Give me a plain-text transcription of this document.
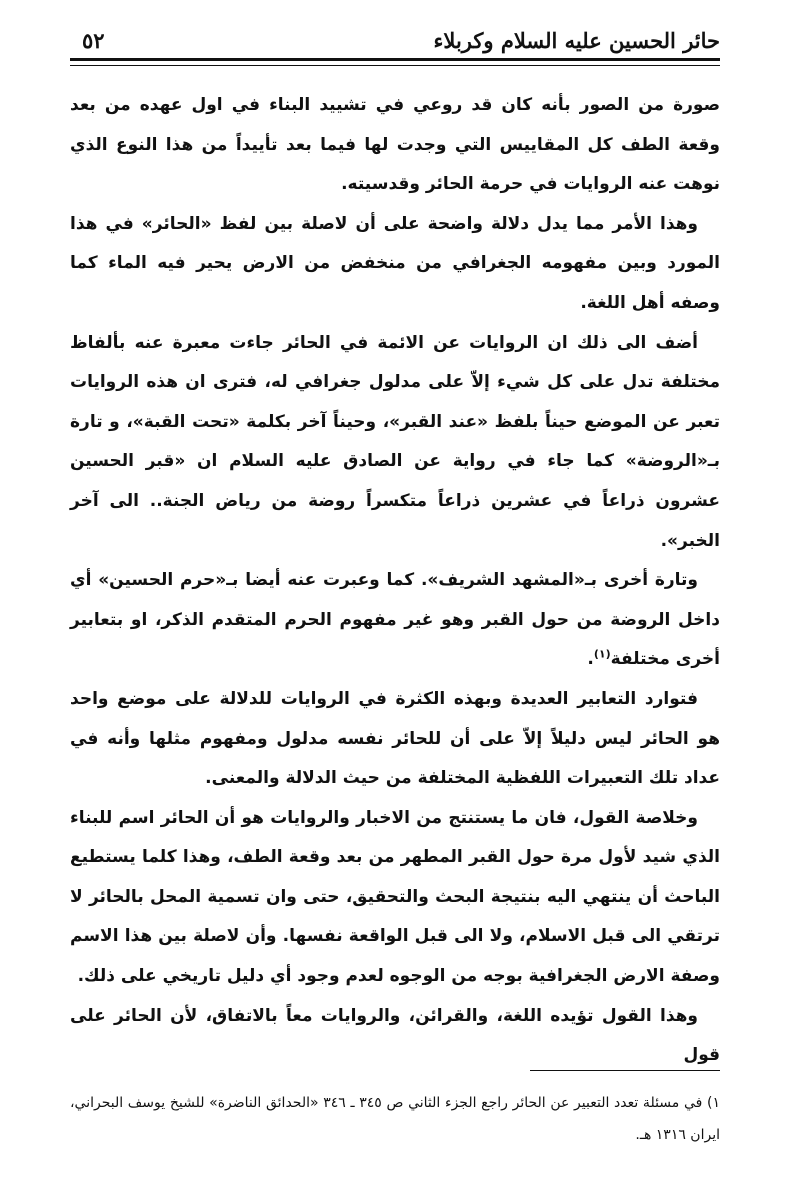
حائر الحسين عليه السلام وكربلاء
٥٢

صورة من الصور بأنه كان قد روعي في تشييد البناء في اول عهده من بعد وقعة الطف كل المقاييس التي وجدت لها فيما بعد تأييداً من هذا النوع الذي نوهت عنه الروايات في حرمة الحائر وقدسيته.

وهذا الأمر مما يدل دلالة واضحة على أن لاصلة بين لفظ «الحائر» في هذا المورد وبين مفهومه الجغرافي من منخفض من الارض يحير فيه الماء كما وصفه أهل اللغة.

أضف الى ذلك ان الروايات عن الائمة في الحائر جاءت معبرة عنه بألفاظ مختلفة تدل على كل شيء إلاّ على مدلول جغرافي له، فترى ان هذه الروايات تعبر عن الموضع حيناً بلفظ «عند القبر»، وحيناً آخر بكلمة «تحت القبة»، و تارة بـ«الروضة» كما جاء في رواية عن الصادق عليه السلام ان «قبر الحسين عشرون ذراعاً في عشرين ذراعاً متكسراً روضة من رياض الجنة.. الى آخر الخبر».

وتارة أخرى بـ«المشهد الشريف». كما وعبرت عنه أيضا بـ«حرم الحسين» أي داخل الروضة من حول القبر وهو غير مفهوم الحرم المتقدم الذكر، او بتعابير أخرى مختلفة$^{(١)}$.

فتوارد التعابير العديدة وبهذه الكثرة في الروايات للدلالة على موضع واحد هو الحائر ليس دليلاً إلاّ على أن للحائر نفسه مدلول ومفهوم مثلها وأنه في عداد تلك التعبيرات اللفظية المختلفة من حيث الدلالة والمعنى.

وخلاصة القول، فان ما يستنتج من الاخبار والروايات هو أن الحائر اسم للبناء الذي شيد لأول مرة حول القبر المطهر من بعد وقعة الطف، وهذا كلما يستطيع الباحث أن ينتهي اليه بنتيجة البحث والتحقيق، حتى وان تسمية المحل بالحائر لا ترتقي الى قبل الاسلام، ولا الى قبل الواقعة نفسها. وأن لاصلة بين هذا الاسم وصفة الارض الجغرافية بوجه من الوجوه لعدم وجود أي دليل تاريخي على ذلك.

وهذا القول تؤيده اللغة، والقرائن، والروايات معاً بالاتفاق، لأن الحائر على قول

١) في مسئلة تعدد التعبير عن الحائر راجع الجزء الثاني ص ٣٤٥ ـ ٣٤٦ «الحدائق الناضرة» للشيخ يوسف البحراني، ايران ١٣١٦ هـ.
